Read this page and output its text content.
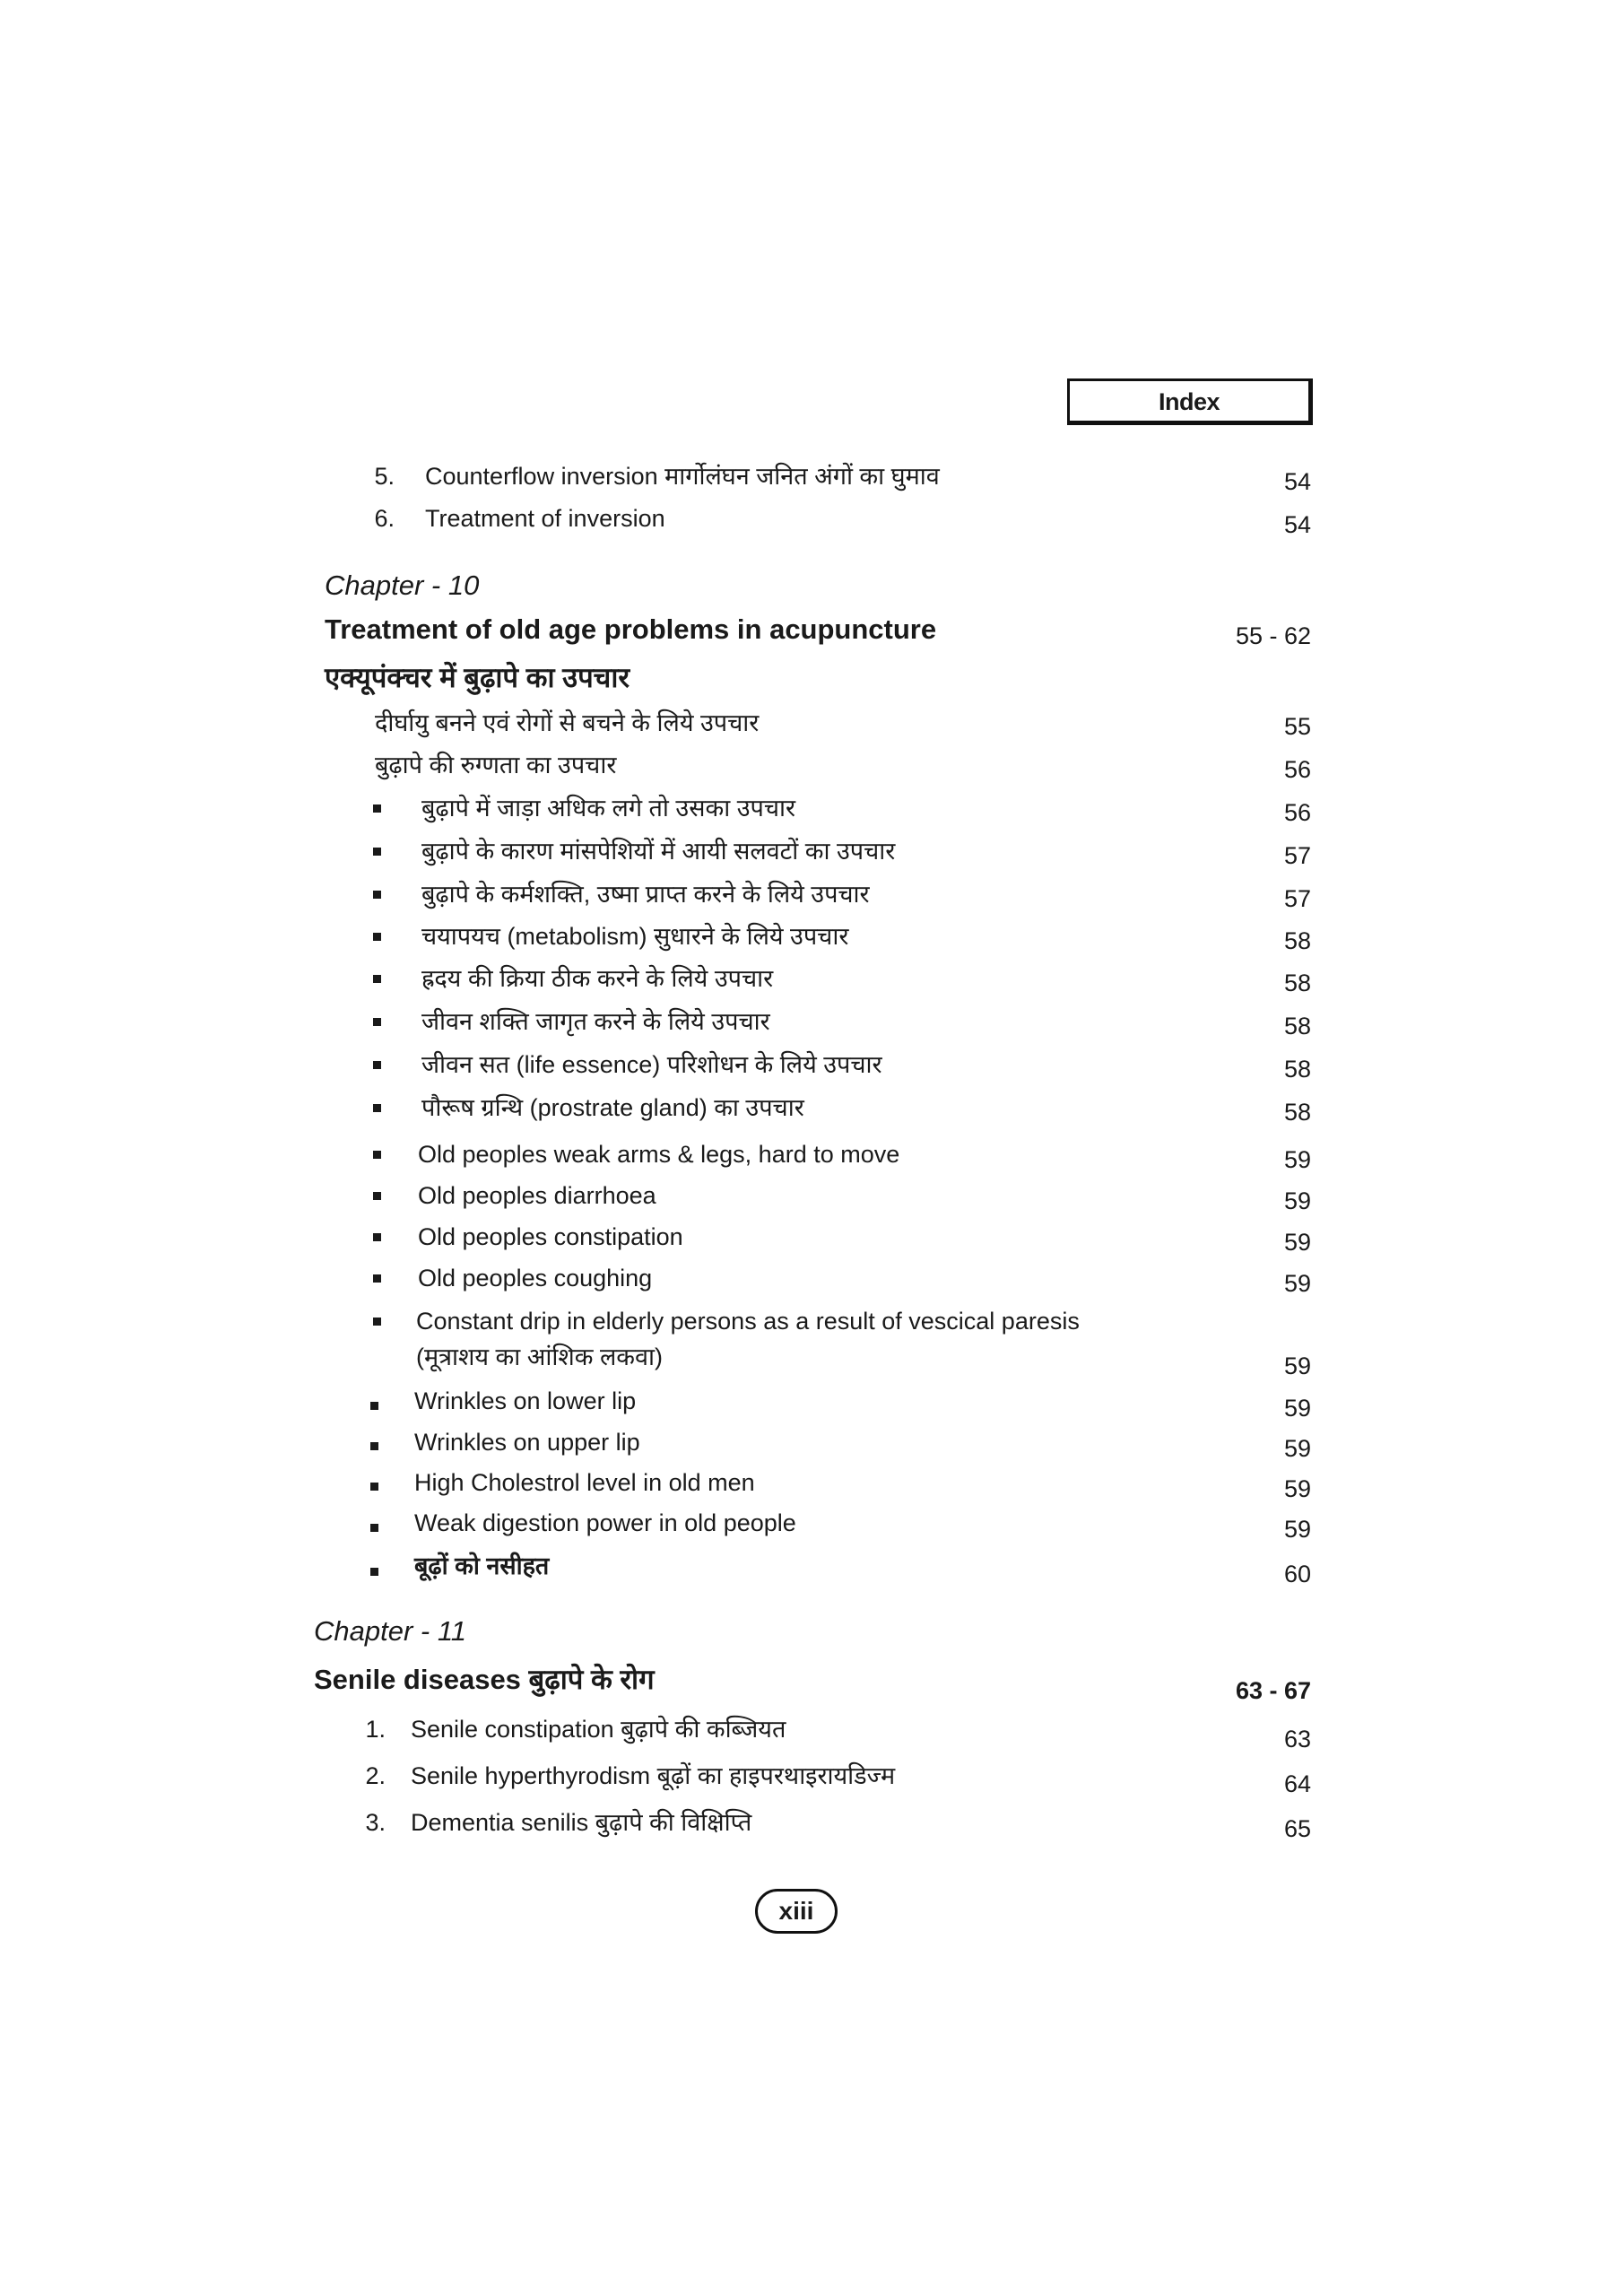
Index
5. Counterflow inversion मार्गोलंघन जनित अंगों का घुमाव	54
6. Treatment of inversion	54
Chapter - 10
Treatment of old age problems in acupuncture	55 - 62
एक्यूपंक्चर में बुढ़ापे का उपचार
दीर्घायु बनने एवं रोगों से बचने के लिये उपचार	55
बुढ़ापे की रुग्णता का उपचार	56
बुढ़ापे में जाड़ा अधिक लगे तो उसका उपचार	56
बुढ़ापे के कारण मांसपेशियों में आयी सलवटों का उपचार	57
बुढ़ापे के कर्मशक्ति, उष्मा प्राप्त करने के लिये उपचार	57
चयापयच (metabolism) सुधारने के लिये उपचार	58
ह्रदय की क्रिया ठीक करने के लिये उपचार	58
जीवन शक्ति जागृत करने के लिये उपचार	58
जीवन सत (life essence) परिशोधन के लिये उपचार	58
पौरूष ग्रन्थि (prostrate gland) का उपचार	58
Old peoples weak arms & legs, hard to move	59
Old peoples diarrhoea	59
Old peoples constipation	59
Old peoples coughing	59
Constant drip in elderly persons as a result of vescical paresis
(मूत्राशय का आंशिक लकवा)	59
Wrinkles on lower lip	59
Wrinkles on upper lip	59
High Cholestrol level in old men	59
Weak digestion power in old people	59
बूढ़ों को नसीहत	60
Chapter - 11
Senile diseases बुढ़ापे के रोग	63 - 67
1. Senile constipation बुढ़ापे की कब्जियत	63
2. Senile hyperthyrodism बूढ़ों का हाइपरथाइरायडिज्म	64
3. Dementia senilis बुढ़ापे की विक्षिप्ति	65
xiii
